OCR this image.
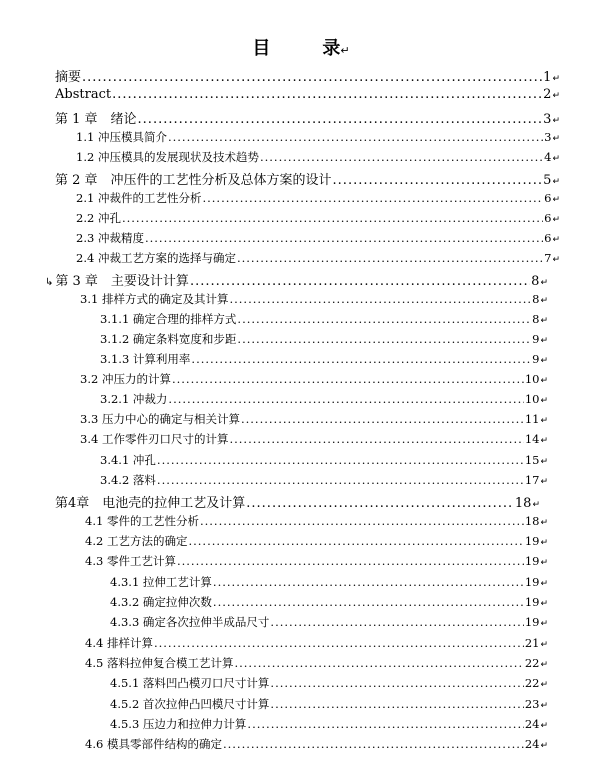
目	录↵
摘要 .....	1 ↵
Abstract .....	2 ↵
第 1 章　绪论 .....	3 ↵
1.1 冲压模具简介 .....	3 ↵
1.2 冲压模具的发展现状及技术趋势 .....	4 ↵
第 2 章　冲压件的工艺性分析及总体方案的设计 .....	5 ↵
2.1 冲裁件的工艺性分析 .....	6 ↵
2.2 冲孔 .....	6 ↵
2.3 冲裁精度 .....	6 ↵
2.4 冲裁工艺方案的选择与确定 .....	7 ↵
↳ 第 3 章　主要设计计算 .....	8 ↵
3.1 排样方式的确定及其计算 .....	8 ↵
3.1.1 确定合理的排样方式 .....	8 ↵
3.1.2 确定条料宽度和步距 .....	9 ↵
3.1.3 计算利用率 .....	9 ↵
3.2 冲压力的计算 .....	10 ↵
3.2.1 冲裁力 .....	10 ↵
3.3 压力中心的确定与相关计算 .....	11 ↵
3.4 工作零件刃口尺寸的计算 .....	14 ↵
3.4.1 冲孔 .....	15 ↵
3.4.2 落料 .....	17 ↵
第4章　电池壳的拉伸工艺及计算 .....	18 ↵
4.1 零件的工艺性分析 .....	18 ↵
4.2 工艺方法的确定 .....	19 ↵
4.3 零件工艺计算 .....	19 ↵
4.3.1 拉伸工艺计算 .....	19 ↵
4.3.2 确定拉伸次数 .....	19 ↵
4.3.3 确定各次拉伸半成品尺寸 .....	19 ↵
4.4 排样计算 .....	21 ↵
4.5 落料拉伸复合模工艺计算 .....	22 ↵
4.5.1 落料凹凸模刃口尺寸计算 .....	22 ↵
4.5.2 首次拉伸凸凹模尺寸计算 .....	23 ↵
4.5.3 压边力和拉伸力计算 .....	24 ↵
4.6 模具零部件结构的确定 .....	24 ↵
